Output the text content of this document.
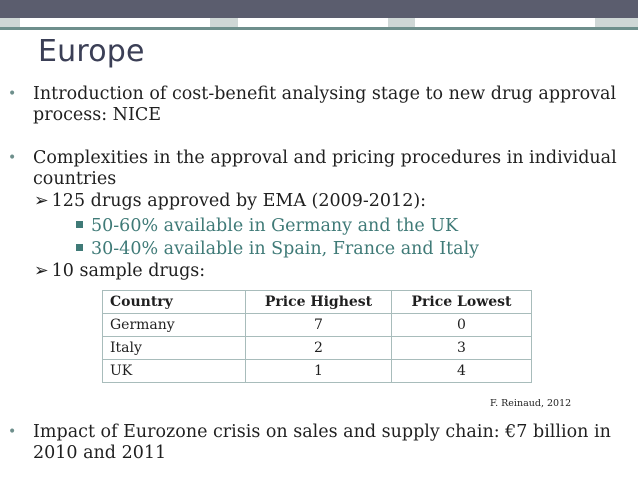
Europe
• Introduction of cost-benefit analysing stage to new drug approval process: NICE
• Complexities in the approval and pricing procedures in individual countries
➢ 125 drugs approved by EMA (2009-2012):
50-60% available in Germany and the UK
30-40% available in Spain, France and Italy
➢ 10 sample drugs:
Country	Price Highest	Price Lowest
Germany	7	0
Italy	2	3
UK	1	4
F. Reinaud, 2012
• Impact of Eurozone crisis on sales and supply chain: €7 billion in 2010 and 2011
